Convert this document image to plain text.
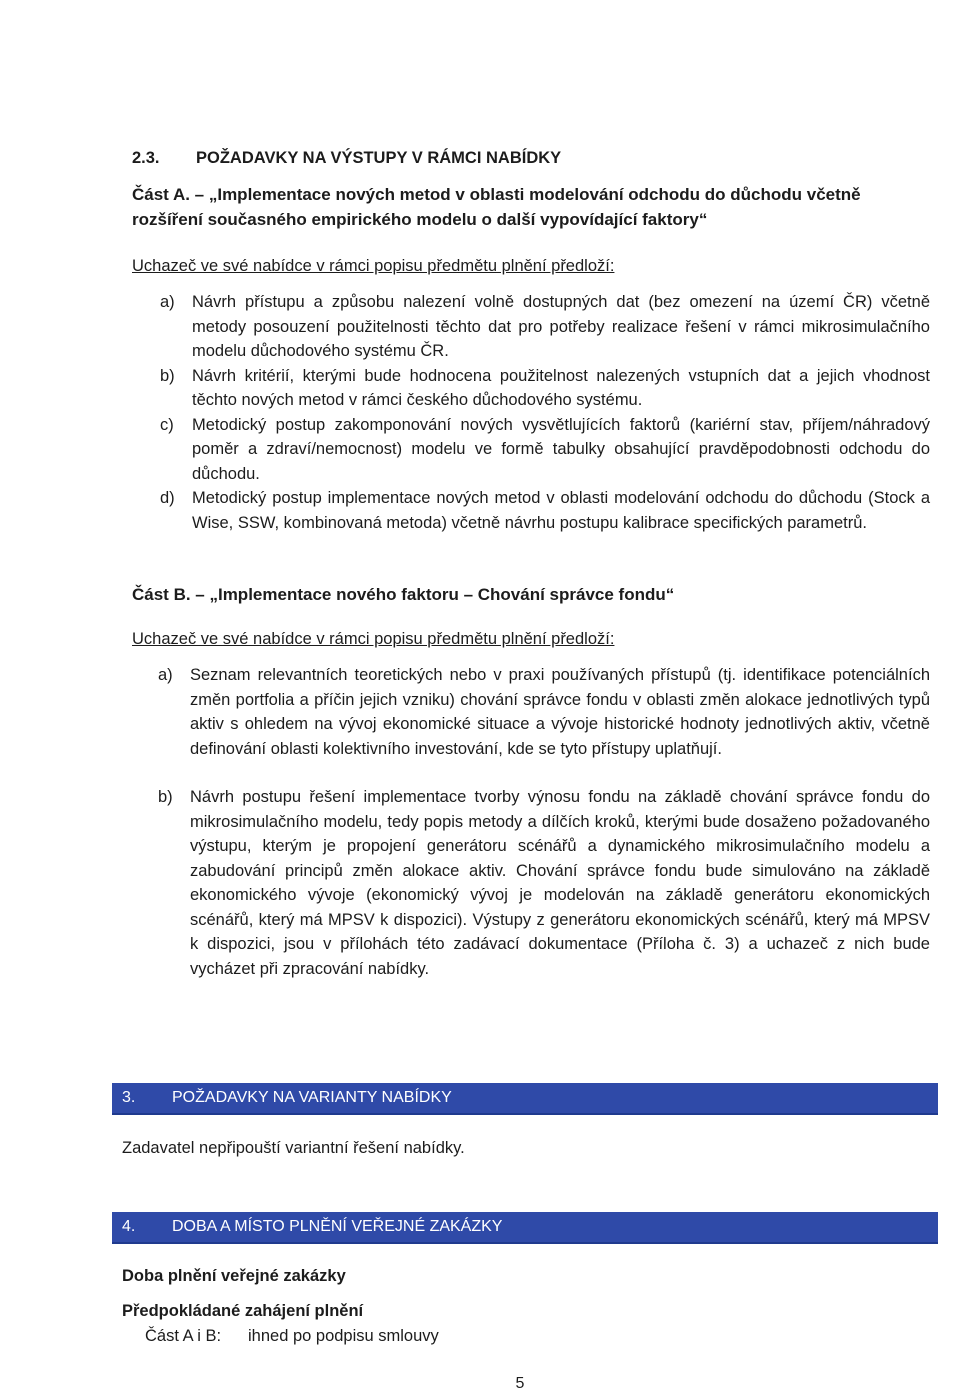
2.3. POŽADAVKY NA VÝSTUPY V RÁMCI NABÍDKY
Část A. – „Implementace nových metod v oblasti modelování odchodu do důchodu včetně rozšíření současného empirického modelu o další vypovídající faktory“
Uchazeč ve své nabídce v rámci popisu předmětu plnění předloží:
a) Návrh přístupu a způsobu nalezení volně dostupných dat (bez omezení na území ČR) včetně metody posouzení použitelnosti těchto dat pro potřeby realizace řešení v rámci mikrosimulačního modelu důchodového systému ČR.
b) Návrh kritérií, kterými bude hodnocena použitelnost nalezených vstupních dat a jejich vhodnost těchto nových metod v rámci českého důchodového systému.
c) Metodický postup zakomponování nových vysvětlujících faktorů (kariérní stav, příjem/náhradový poměr a zdraví/nemocnost) modelu ve formě tabulky obsahující pravděpodobnosti odchodu do důchodu.
d) Metodický postup implementace nových metod v oblasti modelování odchodu do důchodu (Stock a Wise, SSW, kombinovaná metoda) včetně návrhu postupu kalibrace specifických parametrů.
Část B. – „Implementace nového faktoru – Chování správce fondu“
Uchazeč ve své nabídce v rámci popisu předmětu plnění předloží:
a) Seznam relevantních teoretických nebo v praxi používaných přístupů (tj. identifikace potenciálních změn portfolia a příčin jejich vzniku) chování správce fondu v oblasti změn alokace jednotlivých typů aktiv s ohledem na vývoj ekonomické situace a vývoje historické hodnoty jednotlivých aktiv, včetně definování oblasti kolektivního investování, kde se tyto přístupy uplatňují.
b) Návrh postupu řešení implementace tvorby výnosu fondu na základě chování správce fondu do mikrosimulačního modelu, tedy popis metody a dílčích kroků, kterými bude dosaženo požadovaného výstupu, kterým je propojení generátoru scénářů a dynamického mikrosimulačního modelu a zabudování principů změn alokace aktiv. Chování správce fondu bude simulováno na základě ekonomického vývoje (ekonomický vývoj je modelován na základě generátoru ekonomických scénářů, který má MPSV k dispozici). Výstupy z generátoru ekonomických scénářů, který má MPSV k dispozici, jsou v přílohách této zadávací dokumentace (Příloha č. 3) a uchazeč z nich bude vycházet při zpracování nabídky.
3. POŽADAVKY NA VARIANTY NABÍDKY
Zadavatel nepřipouští variantní řešení nabídky.
4. DOBA A MÍSTO PLNĚNÍ VEŘEJNÉ ZAKÁZKY
Doba plnění veřejné zakázky
Předpokládané zahájení plnění
Část A i B: ihned po podpisu smlouvy
5
